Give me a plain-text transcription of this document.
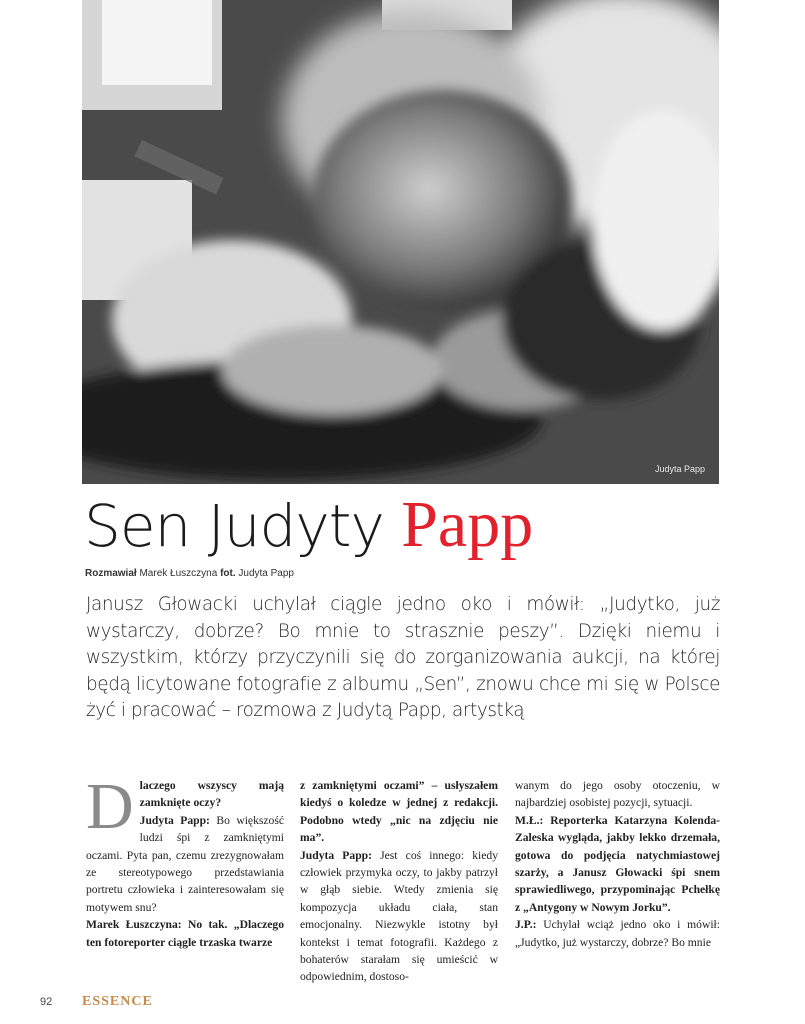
Judyta Papp
Sen Judyty Papp
Rozmawiał Marek Łuszczyna fot. Judyta Papp

Janusz Głowacki uchylał ciągle jedno oko i mówił: „Judytko, już wystarczy, dobrze? Bo mnie to strasznie peszy”. Dzięki niemu i wszystkim, którzy przyczynili się do zorganizowania aukcji, na której będą licytowane fotografie z albumu „Sen”, znowu chce mi się w Polsce żyć i pracować – rozmowa z Judytą Papp, artystką

Dlaczego wszyscy mają zamknięte oczy?
Judyta Papp: Bo większość ludzi śpi z zamkniętymi oczami. Pyta pan, czemu zrezygnowałam ze stereotypowego przedstawiania portretu człowieka i zainteresowałam się motywem snu?
Marek Łuszczyna: No tak. „Dlaczego ten fotoreporter ciągle trzaska twarze

z zamkniętymi oczami” – usłyszałem kiedyś o koledze w jednej z redakcji. Podobno wtedy „nic na zdjęciu nie ma”.
Judyta Papp: Jest coś innego: kiedy człowiek przymyka oczy, to jakby patrzył w głąb siebie. Wtedy zmienia się kompozycja układu ciała, stan emocjonalny. Niezwykle istotny był kontekst i temat fotografii. Każdego z bohaterów starałam się umieścić w odpowiednim, dostoso-

wanym do jego osoby otoczeniu, w najbardziej osobistej pozycji, sytuacji.
M.Ł.: Reporterka Katarzyna Kolenda-Zaleska wygląda, jakby lekko drzemała, gotowa do podjęcia natychmiastowej szarży, a Janusz Głowacki śpi snem sprawiedliwego, przypominając Pchełkę z „Antygony w Nowym Jorku”.
J.P.: Uchylał wciąż jedno oko i mówił: „Judytko, już wystarczy, dobrze? Bo mnie

92 ESSENCE
